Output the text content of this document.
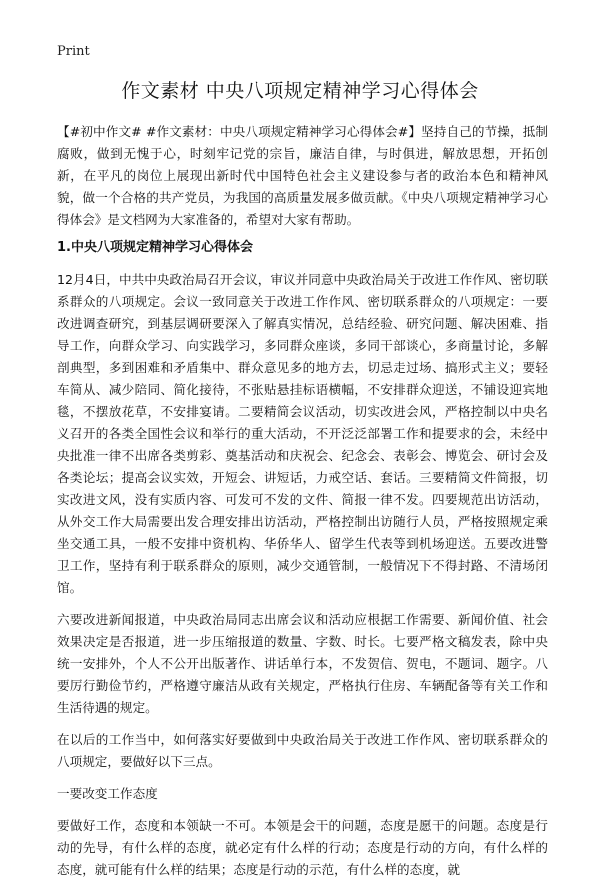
Print
作文素材 中央八项规定精神学习心得体会

【#初中作文# #作文素材：中央八项规定精神学习心得体会#】坚持自己的节操，抵制腐败，做到无愧于心，时刻牢记党的宗旨，廉洁自律，与时俱进，解放思想，开拓创新，在平凡的岗位上展现出新时代中国特色社会主义建设参与者的政治本色和精神风貌，做一个合格的共产党员，为我国的高质量发展多做贡献。《中央八项规定精神学习心得体会》是文档网为大家准备的，希望对大家有帮助。

1.中央八项规定精神学习心得体会

12月4日，中共中央政治局召开会议，审议并同意中央政治局关于改进工作作风、密切联系群众的八项规定。会议一致同意关于改进工作作风、密切联系群众的八项规定：一要改进调查研究，到基层调研要深入了解真实情况，总结经验、研究问题、解决困难、指导工作，向群众学习、向实践学习，多同群众座谈，多同干部谈心，多商量讨论，多解剖典型，多到困难和矛盾集中、群众意见多的地方去，切忌走过场、搞形式主义；要轻车简从、减少陪同、简化接待，不张贴悬挂标语横幅，不安排群众迎送，不铺设迎宾地毯，不摆放花草，不安排宴请。二要精简会议活动，切实改进会风，严格控制以中央名义召开的各类全国性会议和举行的重大活动，不开泛泛部署工作和提要求的会，未经中央批准一律不出席各类剪彩、奠基活动和庆祝会、纪念会、表彰会、博览会、研讨会及各类论坛；提高会议实效，开短会、讲短话，力戒空话、套话。三要精简文件简报，切实改进文风，没有实质内容、可发可不发的文件、简报一律不发。四要规范出访活动，从外交工作大局需要出发合理安排出访活动，严格控制出访随行人员，严格按照规定乘坐交通工具，一般不安排中资机构、华侨华人、留学生代表等到机场迎送。五要改进警卫工作，坚持有利于联系群众的原则，减少交通管制，一般情况下不得封路、不清场闭馆。

六要改进新闻报道，中央政治局同志出席会议和活动应根据工作需要、新闻价值、社会效果决定是否报道，进一步压缩报道的数量、字数、时长。七要严格文稿发表，除中央统一安排外，个人不公开出版著作、讲话单行本，不发贺信、贺电，不题词、题字。八要厉行勤俭节约，严格遵守廉洁从政有关规定，严格执行住房、车辆配备等有关工作和生活待遇的规定。

在以后的工作当中，如何落实好要做到中央政治局关于改进工作作风、密切联系群众的八项规定，要做好以下三点。

一要改变工作态度

要做好工作，态度和本领缺一不可。本领是会干的问题，态度是愿干的问题。态度是行动的先导，有什么样的态度，就必定有什么样的行动；态度是行动的方向，有什么样的态度，就可能有什么样的结果；态度是行动的示范，有什么样的态度，就
